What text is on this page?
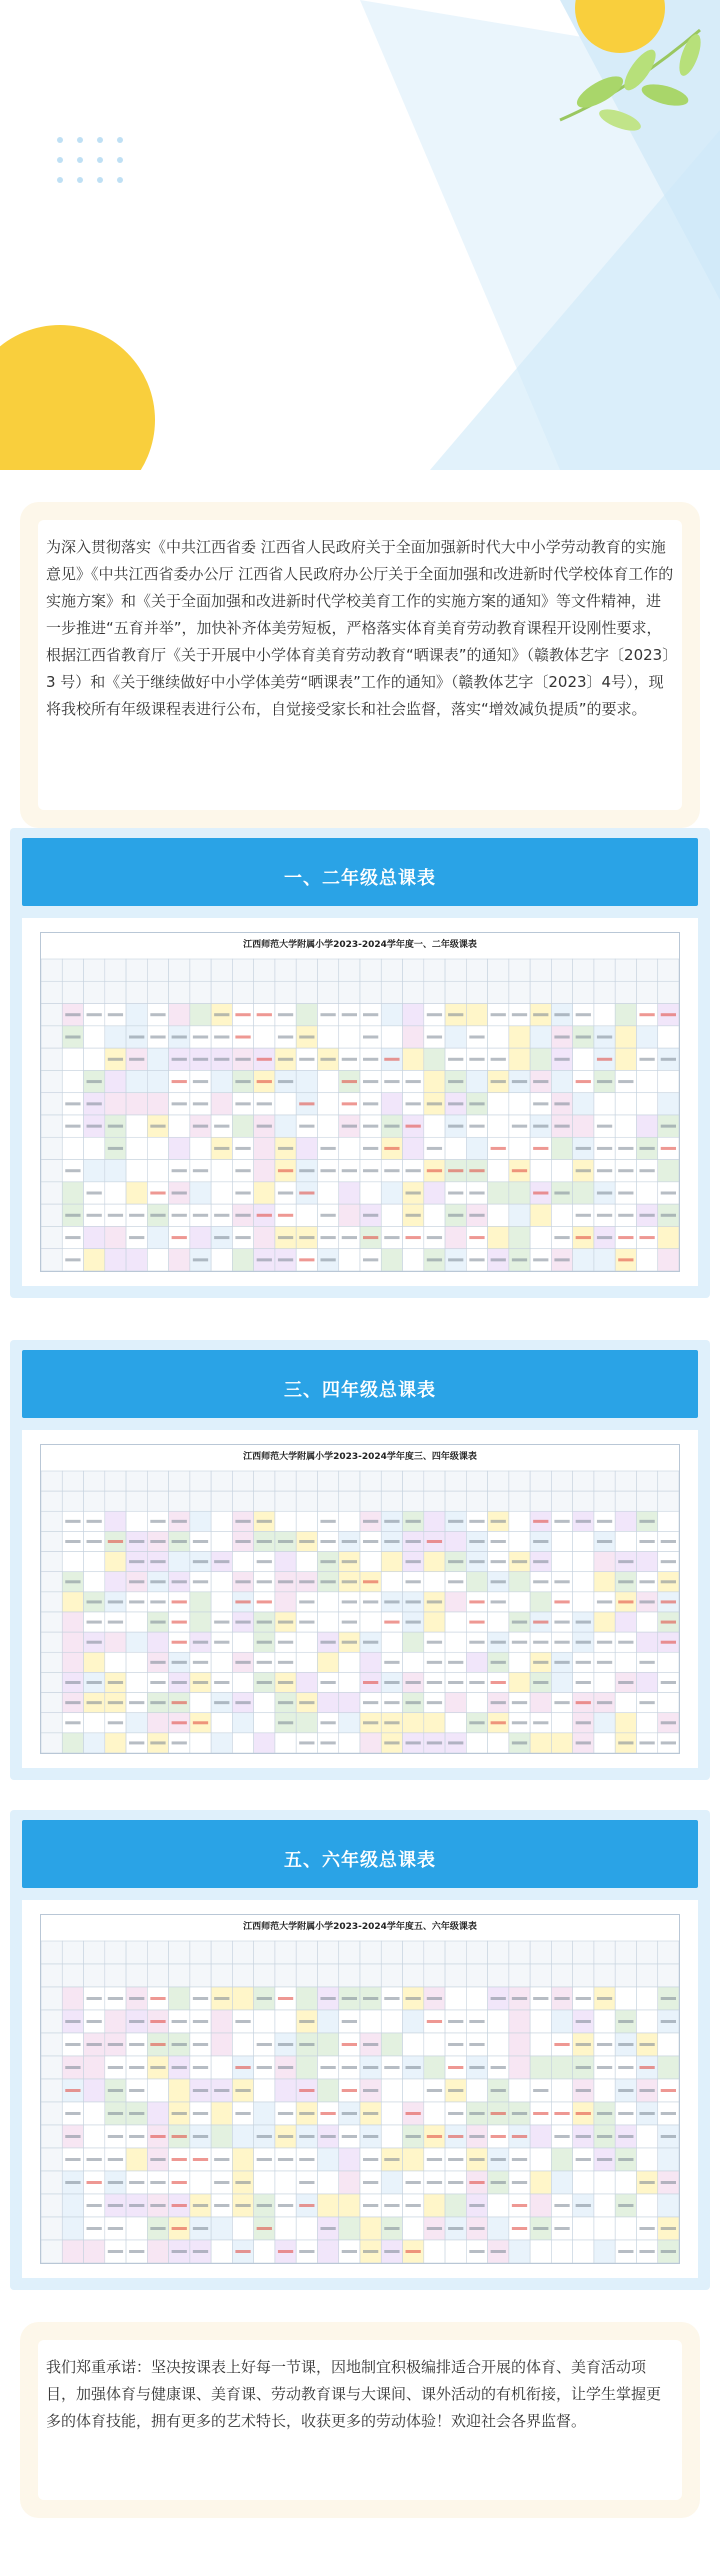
为深入贯彻落实《中共江西省委 江西省人民政府关于全面加强新时代大中小学劳动教育的实施意见》《中共江西省委办公厅 江西省人民政府办公厅关于全面加强和改进新时代学校体育工作的实施方案》和《关于全面加强和改进新时代学校美育工作的实施方案的通知》等文件精神，进一步推进“五育并举”，加快补齐体美劳短板，严格落实体育美育劳动教育课程开设刚性要求，根据江西省教育厅《关于开展中小学体育美育劳动教育“晒课表”的通知》（赣教体艺字〔2023〕3 号）和《关于继续做好中小学体美劳“晒课表”工作的通知》（赣教体艺字〔2023〕4号），现将我校所有年级课程表进行公布，自觉接受家长和社会监督，落实“增效减负提质”的要求。
一、二年级总课表
江西师范大学附属小学2023-2024学年度一、二年级课表
三、四年级总课表
江西师范大学附属小学2023-2024学年度三、四年级课表
五、六年级总课表
江西师范大学附属小学2023-2024学年度五、六年级课表
我们郑重承诺：坚决按课表上好每一节课，因地制宜积极编排适合开展的体育、美育活动项目，加强体育与健康课、美育课、劳动教育课与大课间、课外活动的有机衔接，让学生掌握更多的体育技能，拥有更多的艺术特长，收获更多的劳动体验！欢迎社会各界监督。
